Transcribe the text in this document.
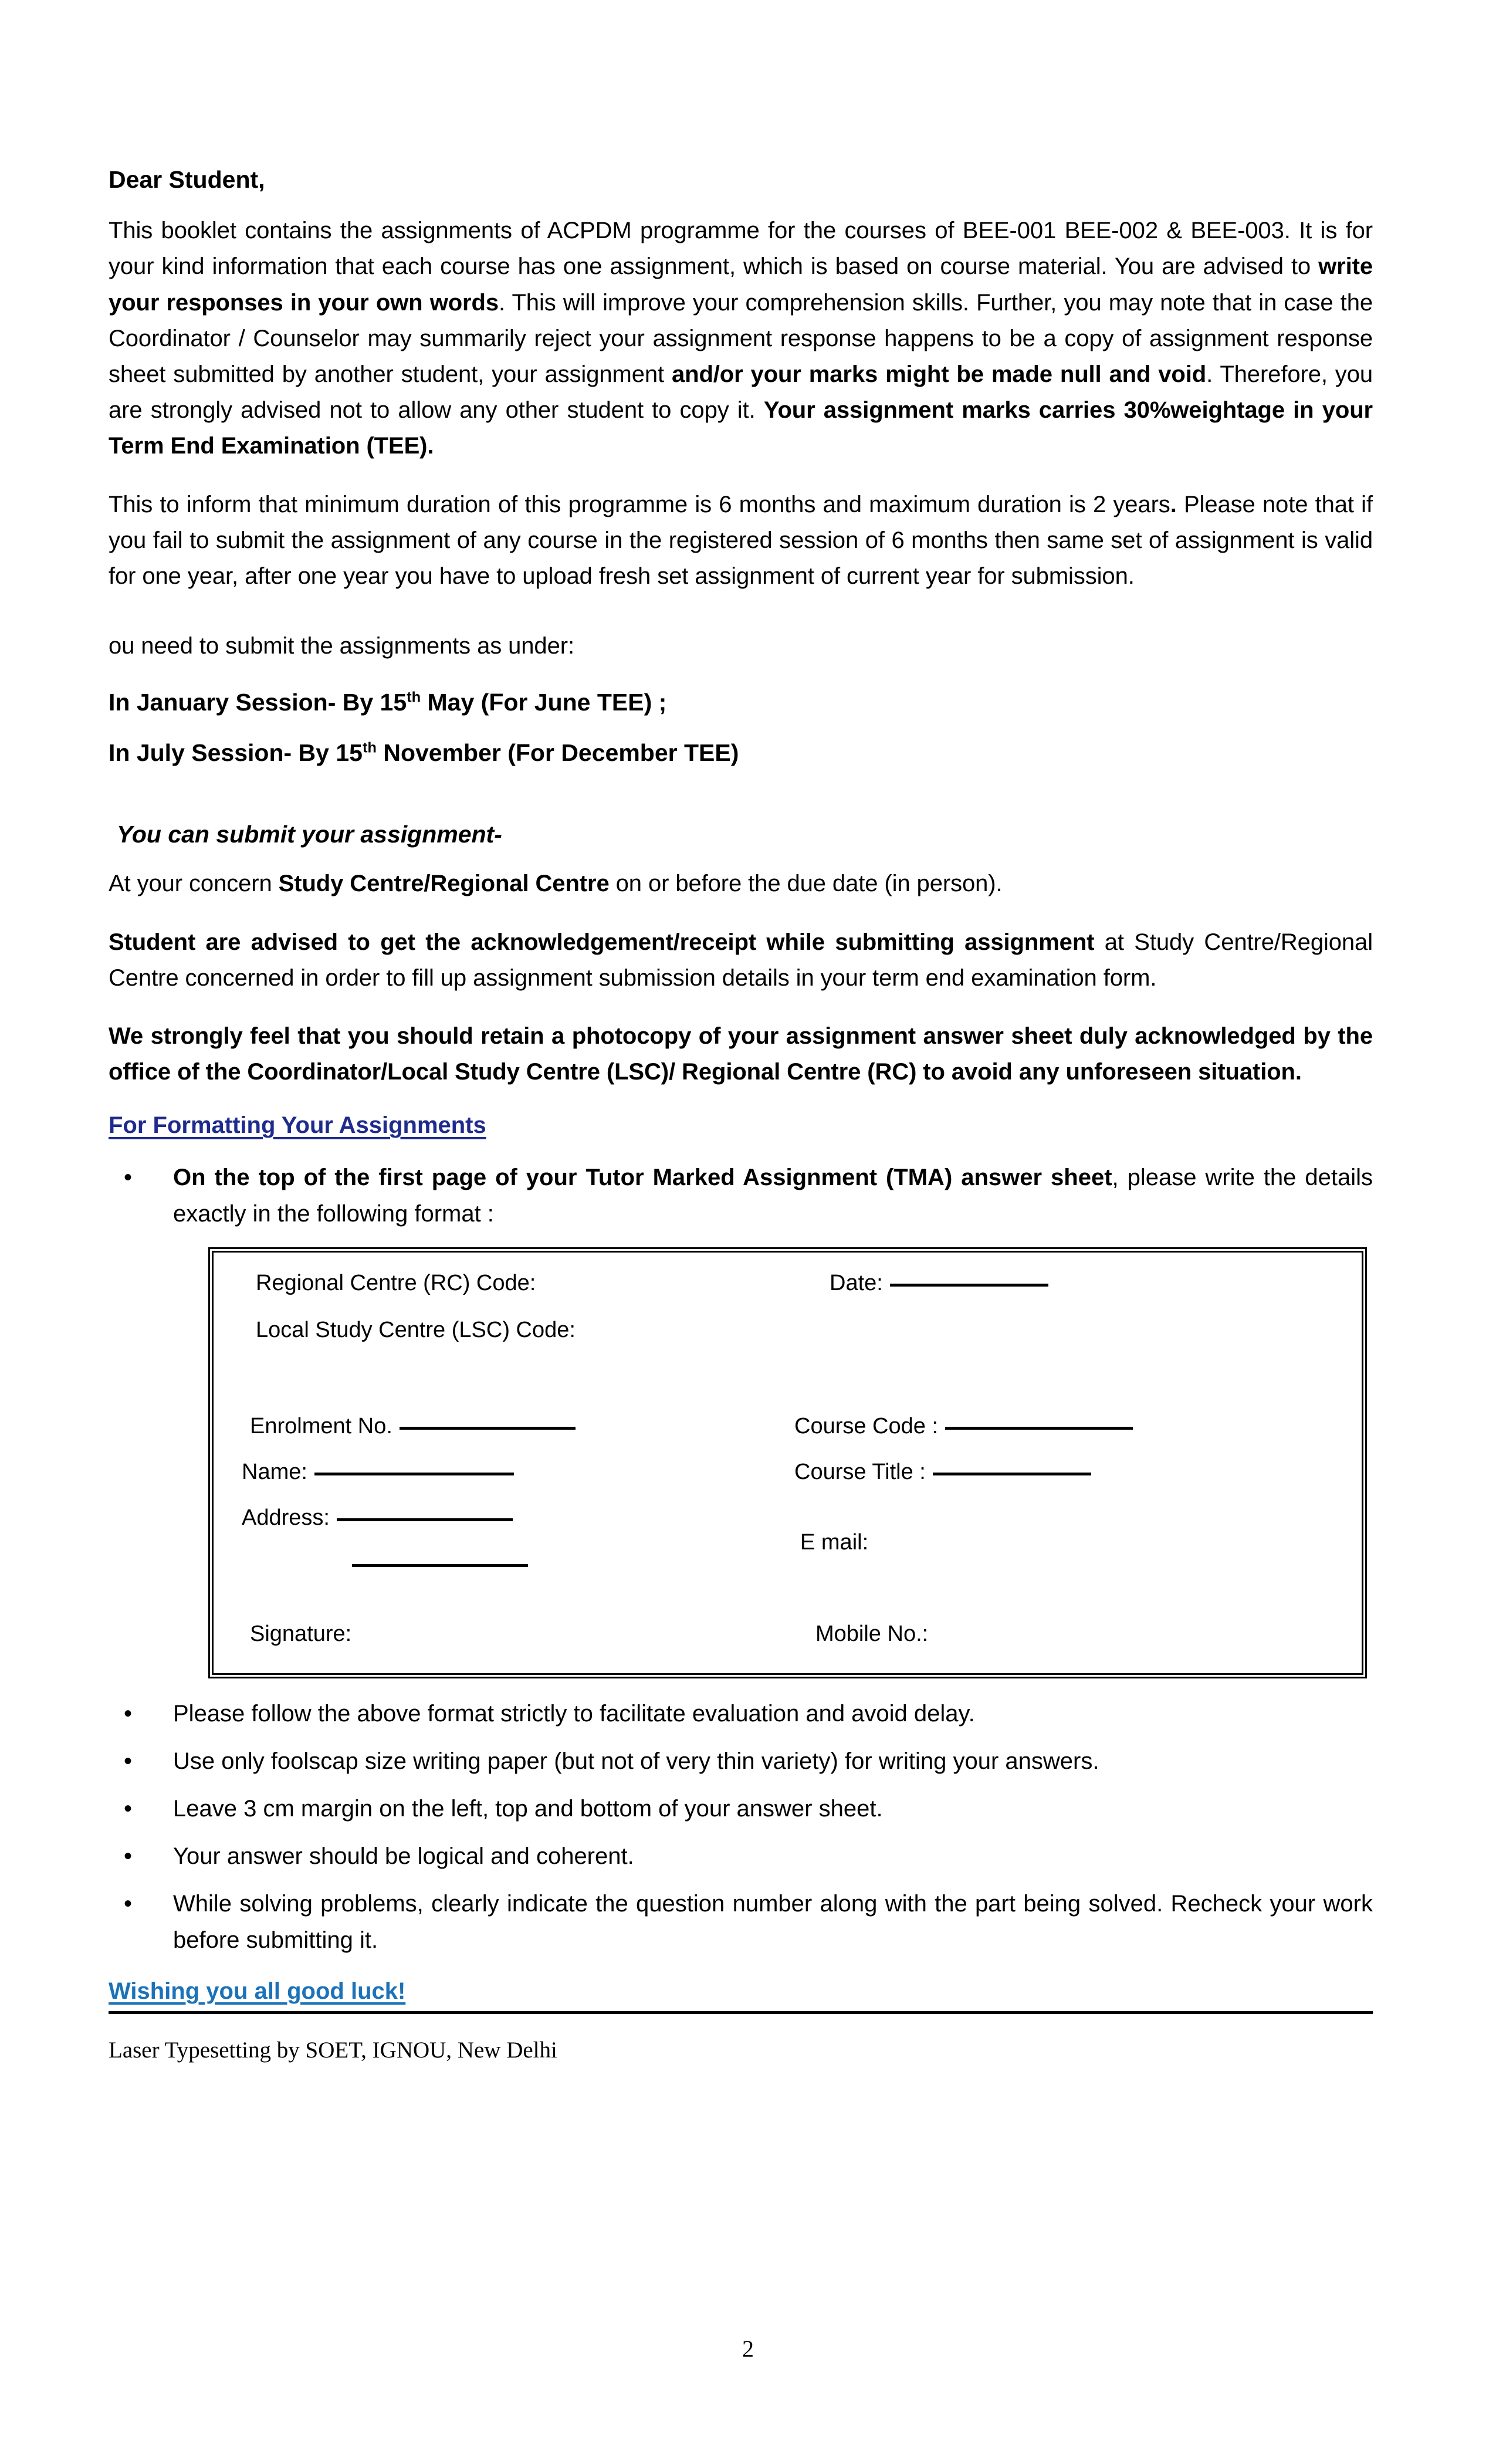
Dear Student,

This booklet contains the assignments of ACPDM programme for the courses of BEE-001 BEE-002 & BEE-003. It is for your kind information that each course has one assignment, which is based on course material. You are advised to write your responses in your own words. This will improve your comprehension skills. Further, you may note that in case the Coordinator / Counselor may summarily reject your assignment response happens to be a copy of assignment response sheet submitted by another student, your assignment and/or your marks might be made null and void. Therefore, you are strongly advised not to allow any other student to copy it. Your assignment marks carries 30%weightage in your Term End Examination (TEE).

This to inform that minimum duration of this programme is 6 months and maximum duration is 2 years. Please note that if you fail to submit the assignment of any course in the registered session of 6 months then same set of assignment is valid for one year, after one year you have to upload fresh set assignment of current year for submission.

ou need to submit the assignments as under:

In January Session- By 15th May (For June TEE) ;
In July Session- By 15th November (For December TEE)
You can submit your assignment-

At your concern Study Centre/Regional Centre on or before the due date (in person).

Student are advised to get the acknowledgement/receipt while submitting assignment at Study Centre/Regional Centre concerned in order to fill up assignment submission details in your term end examination form.

We strongly feel that you should retain a photocopy of your assignment answer sheet duly acknowledged by the office of the Coordinator/Local Study Centre (LSC)/ Regional Centre (RC) to avoid any unforeseen situation.

For Formatting Your Assignments
•	On the top of the first page of your Tutor Marked Assignment (TMA) answer sheet, please write the details exactly in the following format :
Regional Centre (RC) Code:	Date:
Local Study Centre (LSC) Code:
Enrolment No.	Course Code :
Name:	Course Title :
Address:
E mail:
Signature:	Mobile No.:
•	Please follow the above format strictly to facilitate evaluation and avoid delay.
•	Use only foolscap size writing paper (but not of very thin variety) for writing your answers.
•	Leave 3 cm margin on the left, top and bottom of your answer sheet.
•	Your answer should be logical and coherent.
•	While solving problems, clearly indicate the question number along with the part being solved. Recheck your work before submitting it.
Wishing you all good luck!
Laser Typesetting by SOET, IGNOU, New Delhi
2
